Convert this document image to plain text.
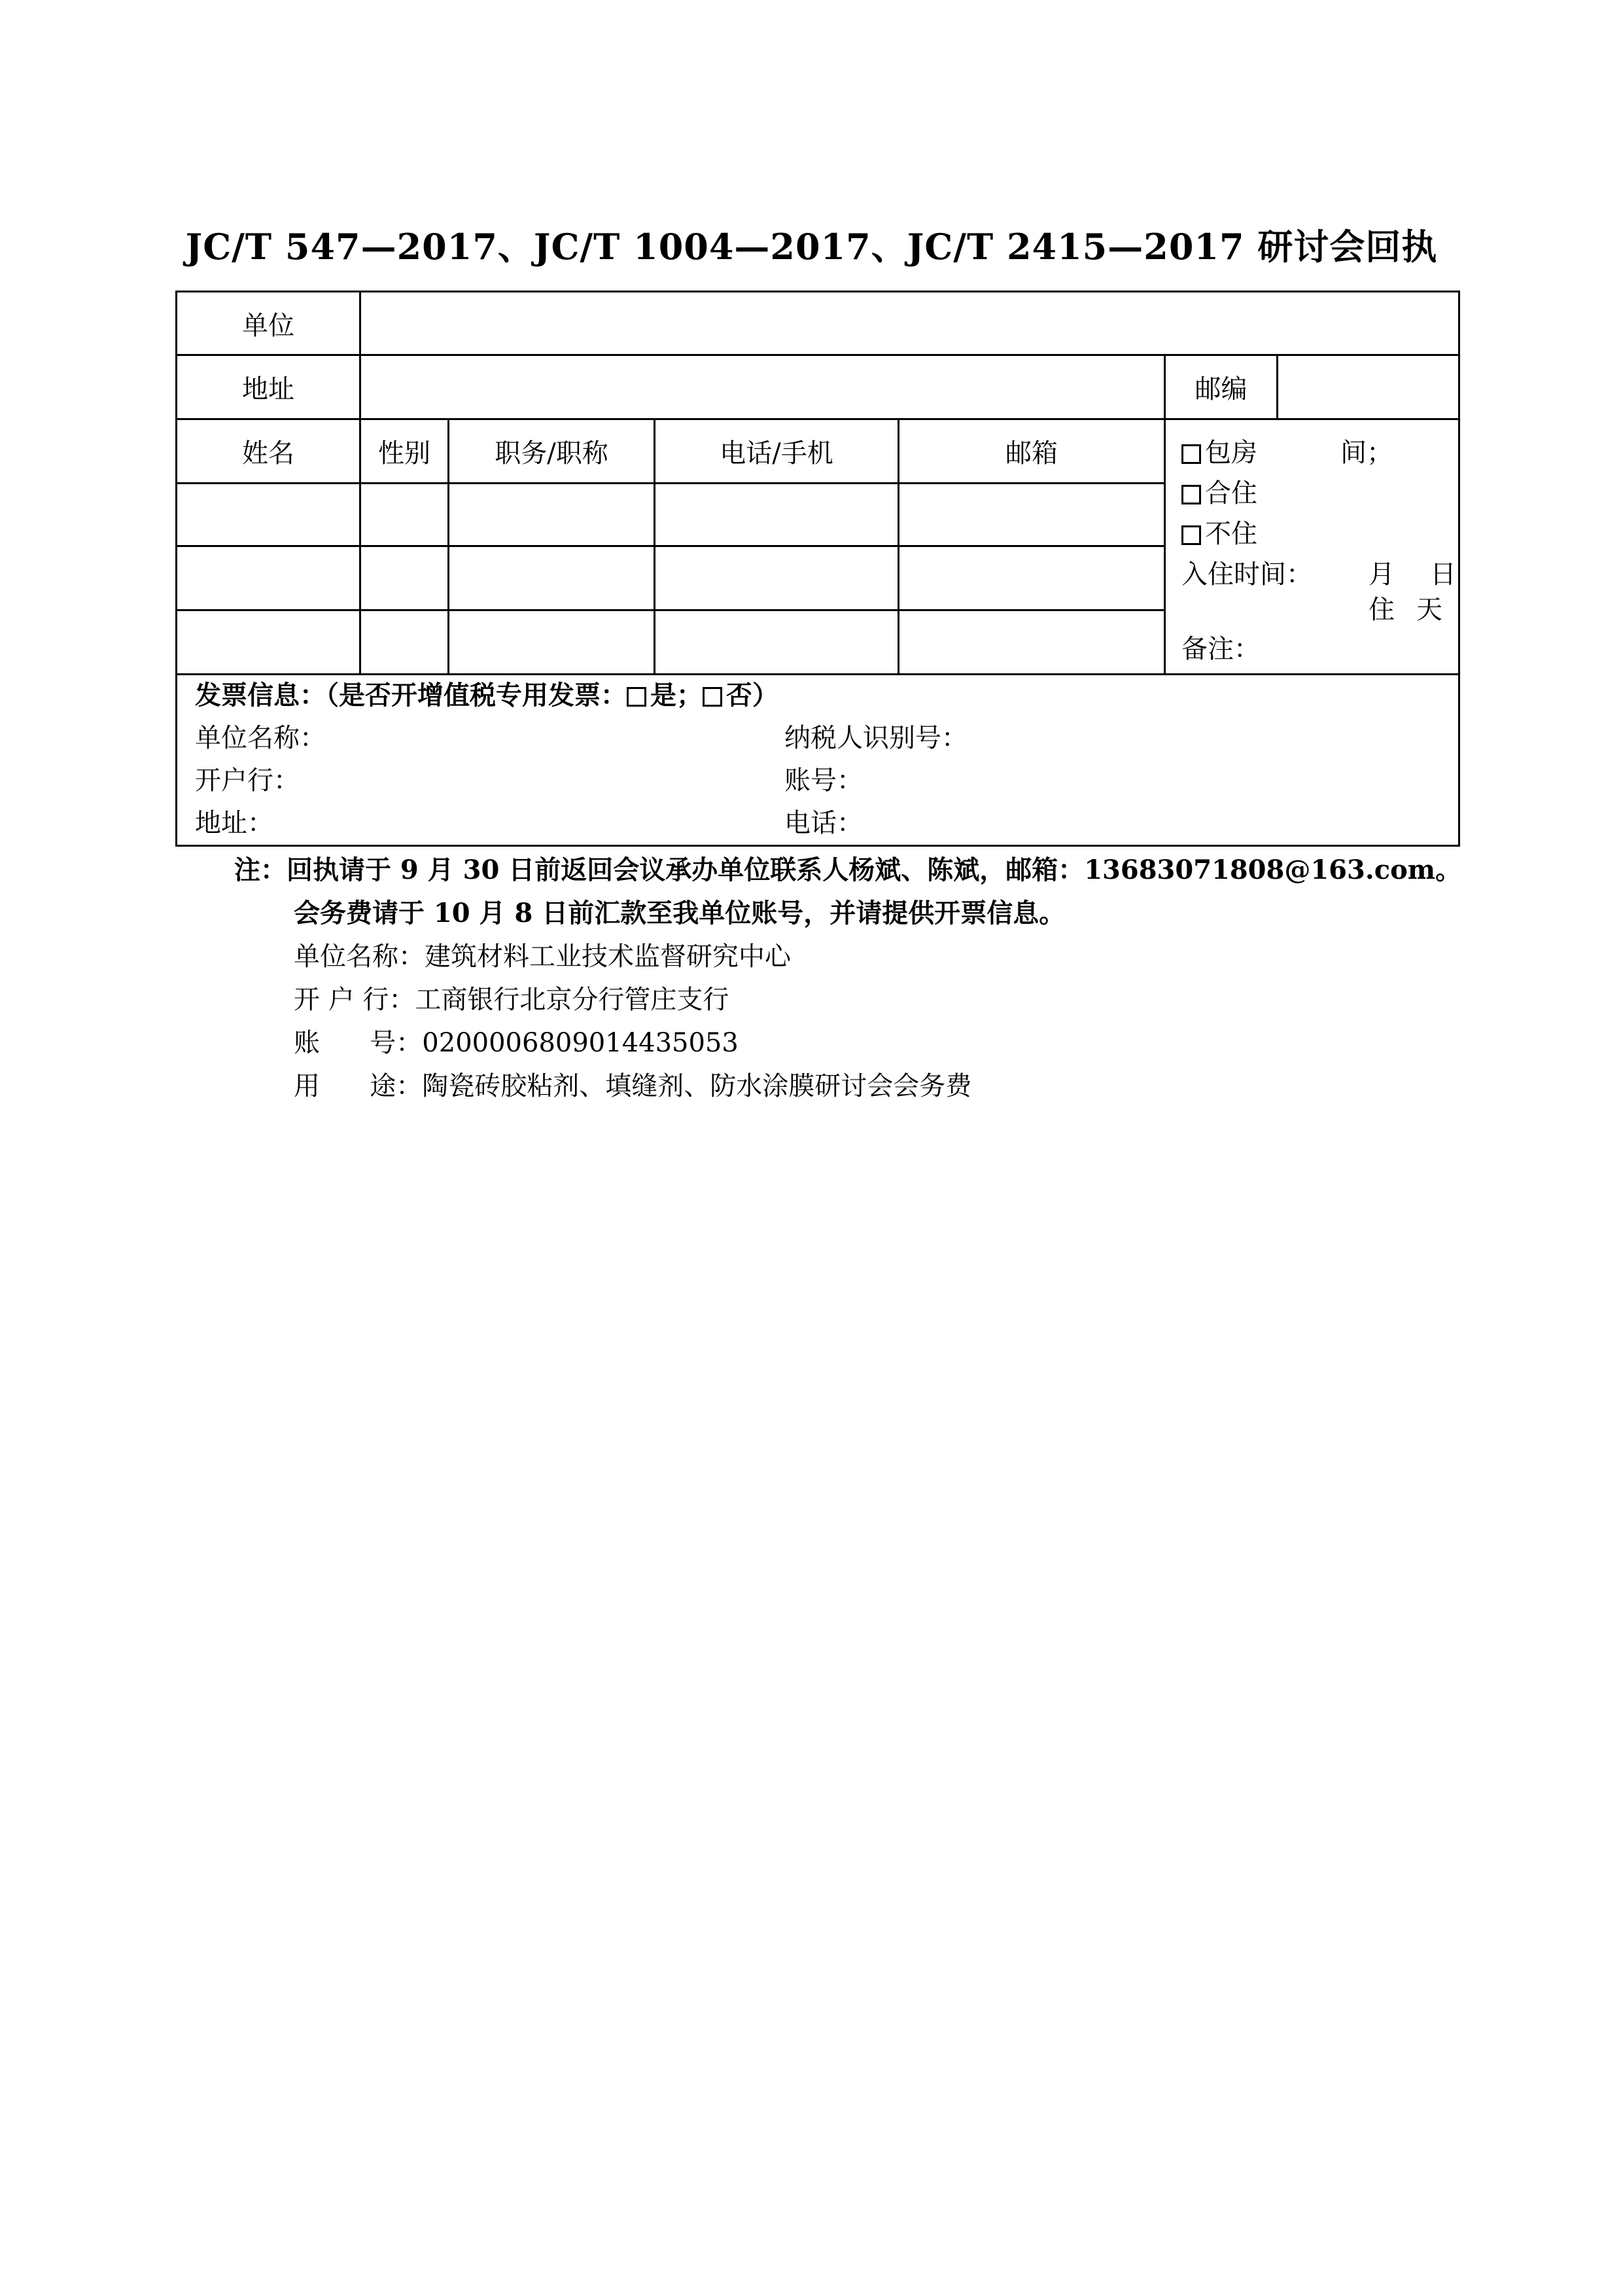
JC/T 547—2017、JC/T 1004—2017、JC/T 2415—2017 研讨会回执
单位
地址	邮编
姓名	性别	职务/职称	电话/手机	邮箱	包房	间；
合住
不住
入住时间： 月 日
住 天
备注：
发票信息：（是否开增值税专用发票： 是； 否）
单位名称：	纳税人识别号：
开户行：	账号：
地址：	电话：
注：回执请于 9 月 30 日前返回会议承办单位联系人杨斌、陈斌，邮箱：13683071808@163.com。
会务费请于 10 月 8 日前汇款至我单位账号，并请提供开票信息。
单位名称：建筑材料工业技术监督研究中心
开 户 行：工商银行北京分行管庄支行
账      号：0200006809014435053
用      途：陶瓷砖胶粘剂、填缝剂、防水涂膜研讨会会务费
